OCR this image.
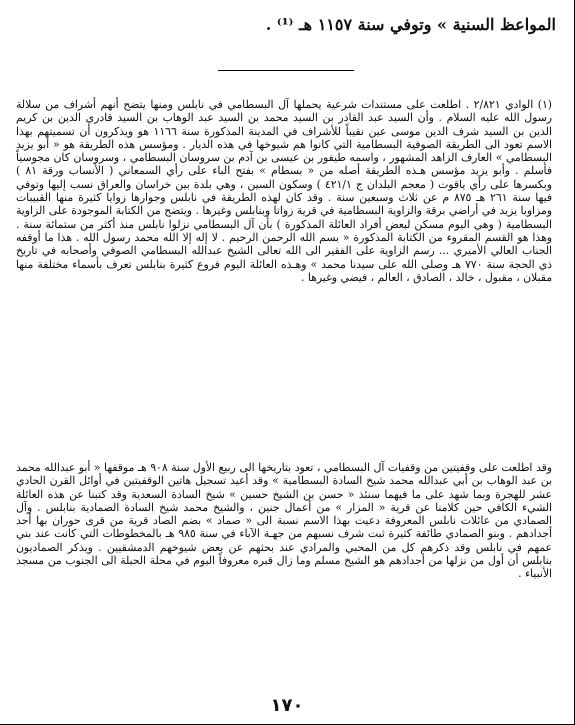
المواعظ السنية » وتوفي سنة ١١٥٧ هـ ⁽¹⁾ .
(١) الوادي ٢/٨٢١ . اطلعت على مستندات شرعية يحملها آل البسطامي في نابلس ومنها يتضح أنهم أشراف من سلالة رسول الله عليه السلام . وأن السيد عبد القادر بن السيد محمد بن السيد عبد الوهاب بن السيد قادري الدين بن كريم الدين بن السيد شرف الدين موسى عين نقيباً للأشراف في المدينة المذكورة سنة ١١٦٦ هو ويذكرون أن تسميتهم بهذا الاسم تعود الى الطريقة الصوفية البسطامية التي كانوا هم شيوخها في هذه الديار . ومؤسس هذه الطريقة هو « أبو يزيد البسطامي » العارف الزاهد المشهور ، واسمه طيفور بن عيسى بن آدم بن سروسان البسطامي ، وسروسان كان مجوسياً فأسلم . وأبو يزيد مؤسس هـذه الطريقة أصله من « بسطام » بفتح الباء على رأي السمعاني ( الأنساب ورقة ٨١ ) وبكسرها على رأي ياقوت ( معجم البلدان ج ٤٢١/١ ) وسكون السين ، وهي بلدة بين خراسان والعراق نسب إليها وتوفي فيها سنة ٢٦١ هـ ٨٧٥ م عن ثلاث وسبعين سنة . وقد كان لهذه الطريقة في نابلس وجوارها زوايا كثيرة منها القبيبات ومزاوبا يزيد في أراضي برقة والزاوية البسطامية في قرية زواتا وبنابلس وغيرها . ويتضح من الكتابة الموجودة على الزاوية البسطامية ( وهي اليوم مسكن لبعض أفراد العائلة المذكورة ) بأن آل البسطامي نزلوا نابلس منذ أكثر من ستمائة سنة . وهذا هو القسم المقروء من الكتابة المذكورة « بسم الله الرحمن الرحيم . لا إله إلا الله محمد رسول الله . هذا ما أوقفه الجناب العالي الأميري ... رسم الزاوية على الفقير الى الله تعالى الشيخ عبدالله البسطامي الصوفي وأصحابه في تاريخ ذي الحجة سنة ٧٧٠ هـ وصلى الله على سيدنا محمد » وهـذه العائلة اليوم فروع كثيرة بنابلس تعرف بأسماء مختلفة منها مقبلان ، مقبول ، خالد ، الصادق ، العالم ، فيضي وغيرها .
وقد اطلعت على وقفيتين من وقفيات آل البسطامي ، تعود بتاريخها الى ربيع الأول سنة ٩٠٨ هـ موقفها « أبو عبدالله محمد بن عبد الوهاب بن أبي عبدالله محمد شيخ السادة البسطامية » وقد أعيد تسجيل هاتين الوقفيتين في أوائل القرن الحادي عشر للهجرة وبما شهد على ما فيهما سنئذ « حسن بن الشيخ حسين » شيخ السادة السعدية وقد كتبنا عن هذه العائلة الشيء الكافي حين كلامنا عن قرية « المزار » من أعمال جنين ، والشيخ محمد شيخ السادة الصمادية بنابلس . وآل الصمادي من عائلات نابلس المعروفة دعيت بهذا الاسم نسبة الى « صماد » بضم الصاد قرية من قرى حوران بها أحد أجدادهم . وبنو الصمادي طائفة كثيرة ثبت شرف نسبهم من جهـة الآباء في سنة ٩٨٥ هـ بالمخطوطات التي كانت عند بني عمهم في نابلس وقد ذكرهم كل من المحبي والمرادي عند بحثهم عن بعض شيوخهم الدمشقيين . ويذكر الصماديون بنابلس أن أول من نزلها من أجدادهم هو الشيخ مسلم وما زال قبره معروفاً اليوم في محلة الحبلة الى الجنوب من مسجد الأنبياء .
١٧٠
